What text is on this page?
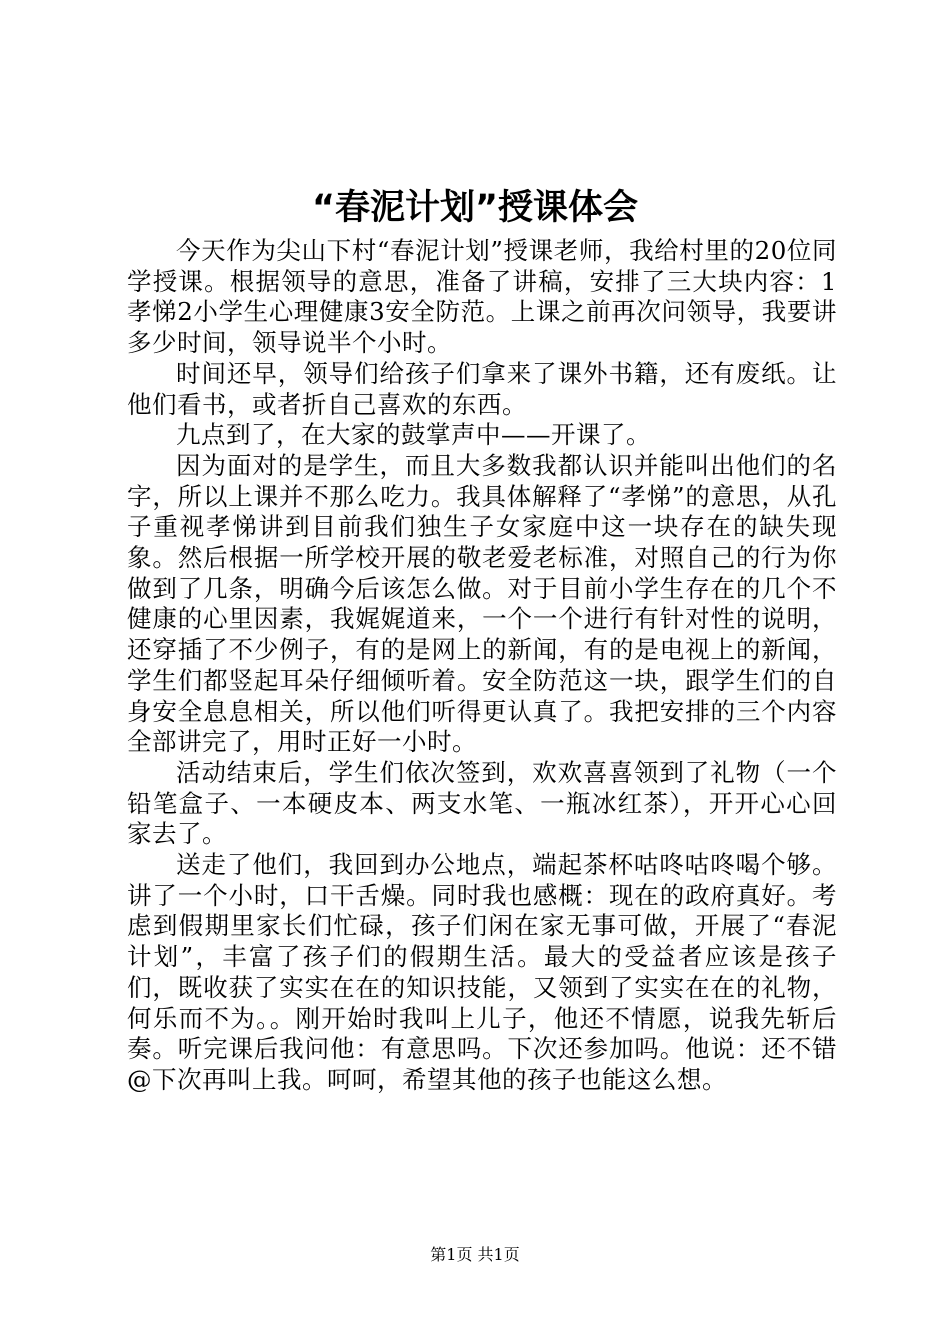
“春泥计划”授课体会

今天作为尖山下村“春泥计划”授课老师，我给村里的20位同学授课。根据领导的意思，准备了讲稿，安排了三大块内容：1孝悌2小学生心理健康3安全防范。上课之前再次问领导，我要讲多少时间，领导说半个小时。

时间还早，领导们给孩子们拿来了课外书籍，还有废纸。让他们看书，或者折自己喜欢的东西。

九点到了，在大家的鼓掌声中——开课了。

因为面对的是学生，而且大多数我都认识并能叫出他们的名字，所以上课并不那么吃力。我具体解释了“孝悌”的意思，从孔子重视孝悌讲到目前我们独生子女家庭中这一块存在的缺失现象。然后根据一所学校开展的敬老爱老标准，对照自己的行为你做到了几条，明确今后该怎么做。对于目前小学生存在的几个不健康的心里因素，我娓娓道来，一个一个进行有针对性的说明，还穿插了不少例子，有的是网上的新闻，有的是电视上的新闻，学生们都竖起耳朵仔细倾听着。安全防范这一块，跟学生们的自身安全息息相关，所以他们听得更认真了。我把安排的三个内容全部讲完了，用时正好一小时。

活动结束后，学生们依次签到，欢欢喜喜领到了礼物（一个铅笔盒子、一本硬皮本、两支水笔、一瓶冰红茶），开开心心回家去了。

送走了他们，我回到办公地点，端起茶杯咕咚咕咚喝个够。讲了一个小时，口干舌燥。同时我也感概：现在的政府真好。考虑到假期里家长们忙碌，孩子们闲在家无事可做，开展了“春泥计划”，丰富了孩子们的假期生活。最大的受益者应该是孩子们，既收获了实实在在的知识技能，又领到了实实在在的礼物，何乐而不为。。刚开始时我叫上儿子，他还不情愿，说我先斩后奏。听完课后我问他：有意思吗。下次还参加吗。他说：还不错@下次再叫上我。呵呵，希望其他的孩子也能这么想。

第1页 共1页
